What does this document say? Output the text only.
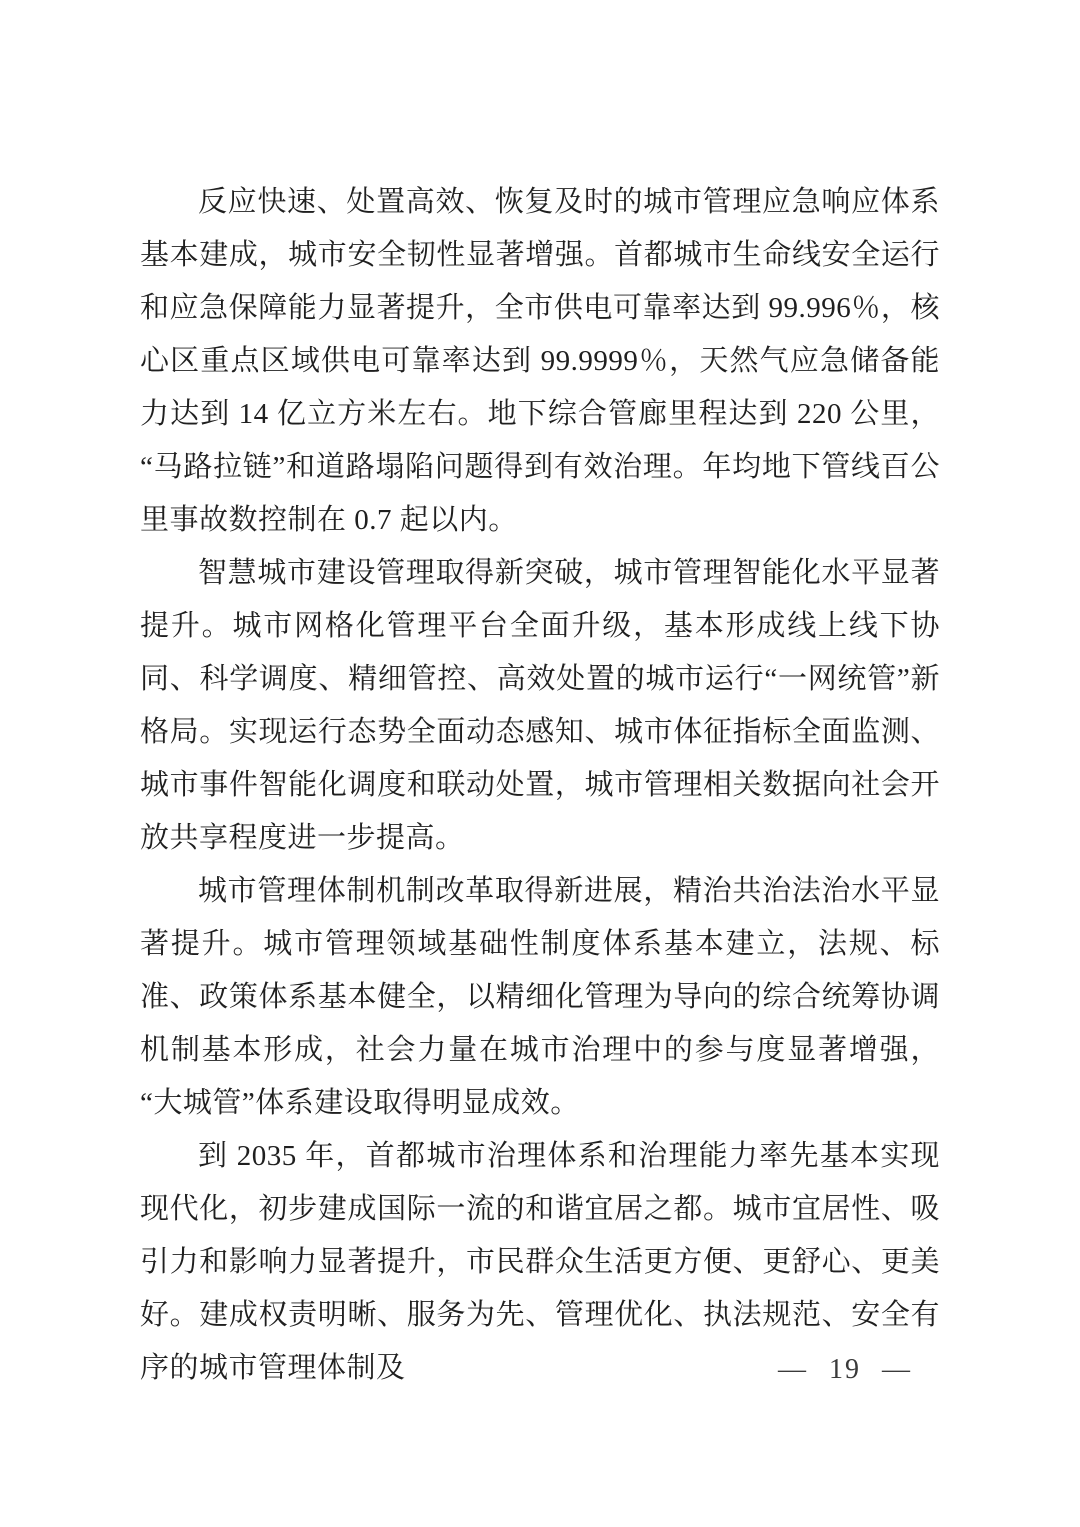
反应快速、处置高效、恢复及时的城市管理应急响应体系基本建成，城市安全韧性显著增强。首都城市生命线安全运行和应急保障能力显著提升，全市供电可靠率达到 99.996％，核心区重点区域供电可靠率达到 99.9999％，天然气应急储备能力达到 14 亿立方米左右。地下综合管廊里程达到 220 公里，“马路拉链”和道路塌陷问题得到有效治理。年均地下管线百公里事故数控制在 0.7 起以内。

智慧城市建设管理取得新突破，城市管理智能化水平显著提升。城市网格化管理平台全面升级，基本形成线上线下协同、科学调度、精细管控、高效处置的城市运行“一网统管”新格局。实现运行态势全面动态感知、城市体征指标全面监测、城市事件智能化调度和联动处置，城市管理相关数据向社会开放共享程度进一步提高。

城市管理体制机制改革取得新进展，精治共治法治水平显著提升。城市管理领域基础性制度体系基本建立，法规、标准、政策体系基本健全，以精细化管理为导向的综合统筹协调机制基本形成，社会力量在城市治理中的参与度显著增强，“大城管”体系建设取得明显成效。

到 2035 年，首都城市治理体系和治理能力率先基本实现现代化，初步建成国际一流的和谐宜居之都。城市宜居性、吸引力和影响力显著提升，市民群众生活更方便、更舒心、更美好。建成权责明晰、服务为先、管理优化、执法规范、安全有序的城市管理体制及	— 19 —
